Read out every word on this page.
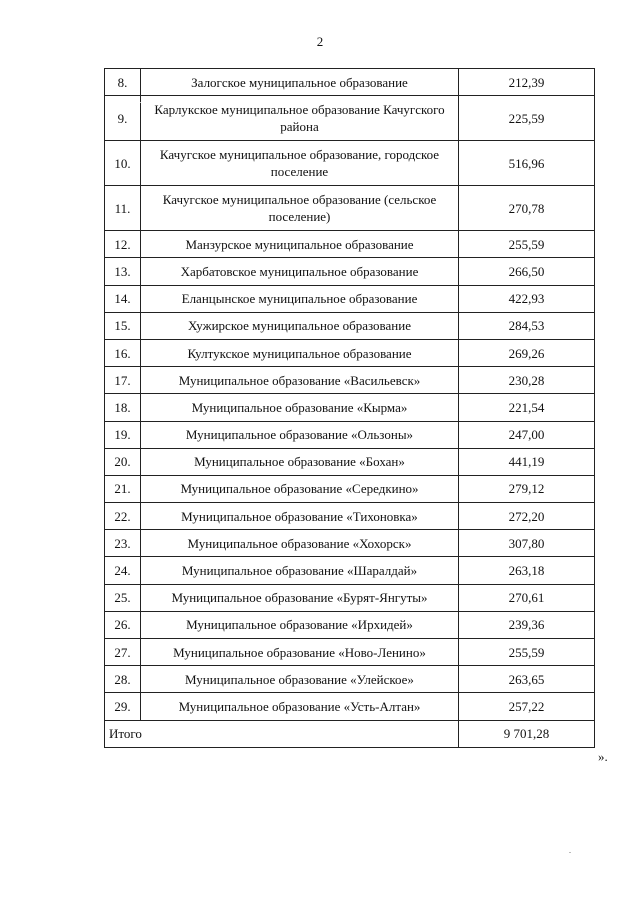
2
8.	Залогское муниципальное образование	212,39
9.	Карлукское муниципальное образование Качугского района	225,59
10.	Качугское муниципальное образование, городское поселение	516,96
11.	Качугское муниципальное образование (сельское поселение)	270,78
12.	Манзурское муниципальное образование	255,59
13.	Харбатовское муниципальное образование	266,50
14.	Еланцынское муниципальное образование	422,93
15.	Хужирское муниципальное образование	284,53
16.	Култукское муниципальное образование	269,26
17.	Муниципальное образование «Васильевск»	230,28
18.	Муниципальное образование «Кырма»	221,54
19.	Муниципальное образование «Ользоны»	247,00
20.	Муниципальное образование «Бохан»	441,19
21.	Муниципальное образование «Середкино»	279,12
22.	Муниципальное образование «Тихоновка»	272,20
23.	Муниципальное образование «Хохорск»	307,80
24.	Муниципальное образование «Шаралдай»	263,18
25.	Муниципальное образование «Бурят-Янгуты»	270,61
26.	Муниципальное образование «Ирхидей»	239,36
27.	Муниципальное образование «Ново-Ленино»	255,59
28.	Муниципальное образование «Улейское»	263,65
29.	Муниципальное образование «Усть-Алтан»	257,22
Итого		9 701,28
».
